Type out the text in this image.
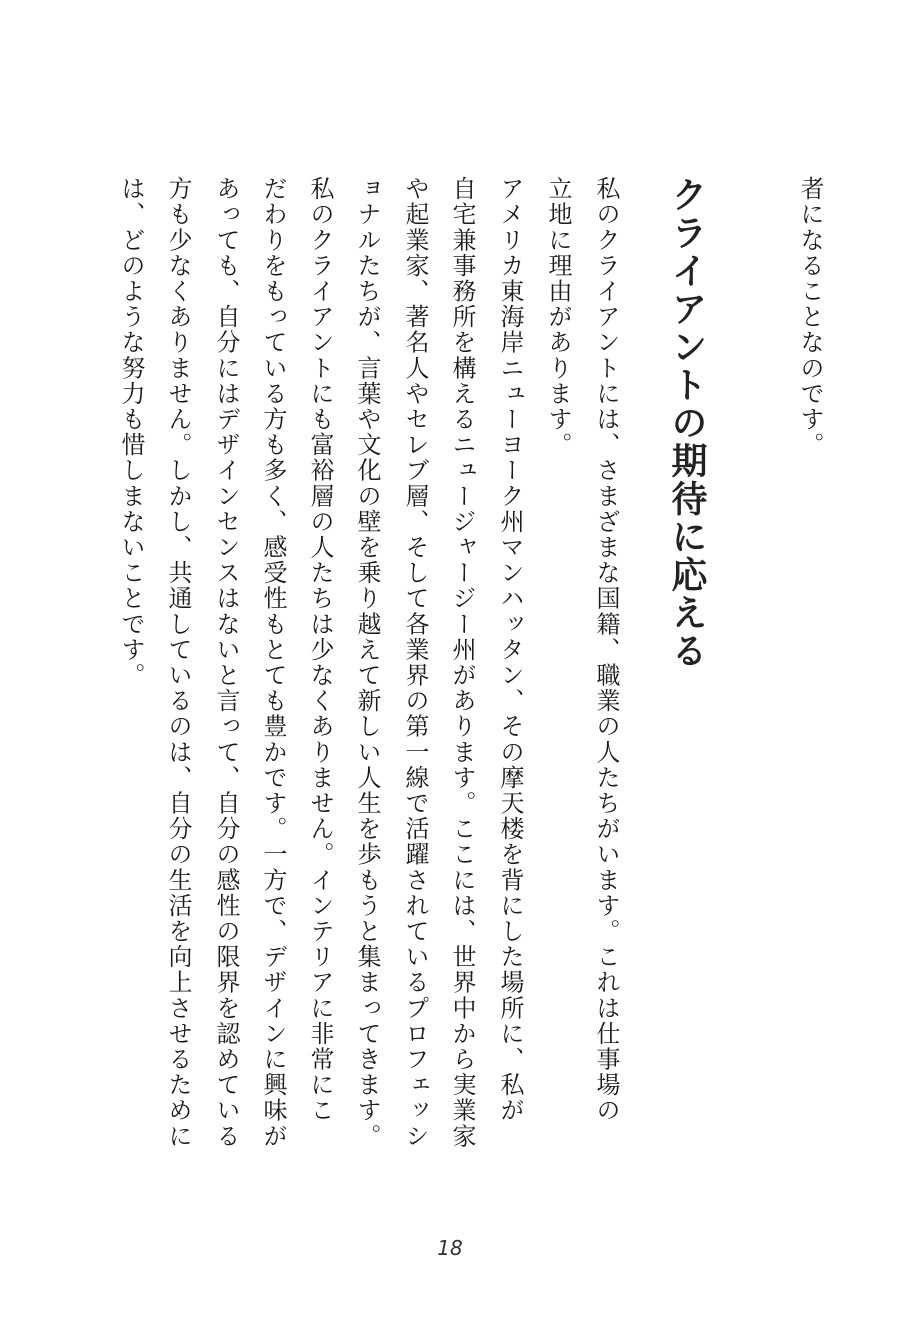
者になることなのです。
クライアントの期待に応える
私のクライアントには、さまざまな国籍、職業の人たちがいます。これは仕事場の
立地に理由があります。
アメリカ東海岸ニューヨーク州マンハッタン、その摩天楼を背にした場所に、私が
自宅兼事務所を構えるニュージャージー州があります。ここには、世界中から実業家
や起業家、著名人やセレブ層、そして各業界の第一線で活躍されているプロフェッシ
ョナルたちが、言葉や文化の壁を乗り越えて新しい人生を歩もうと集まってきます。
私のクライアントにも富裕層の人たちは少なくありません。インテリアに非常にこ
だわりをもっている方も多く、感受性もとても豊かです。一方で、デザインに興味が
あっても、自分にはデザインセンスはないと言って、自分の感性の限界を認めている
方も少なくありません。しかし、共通しているのは、自分の生活を向上させるために
は、どのような努力も惜しまないことです。
18
